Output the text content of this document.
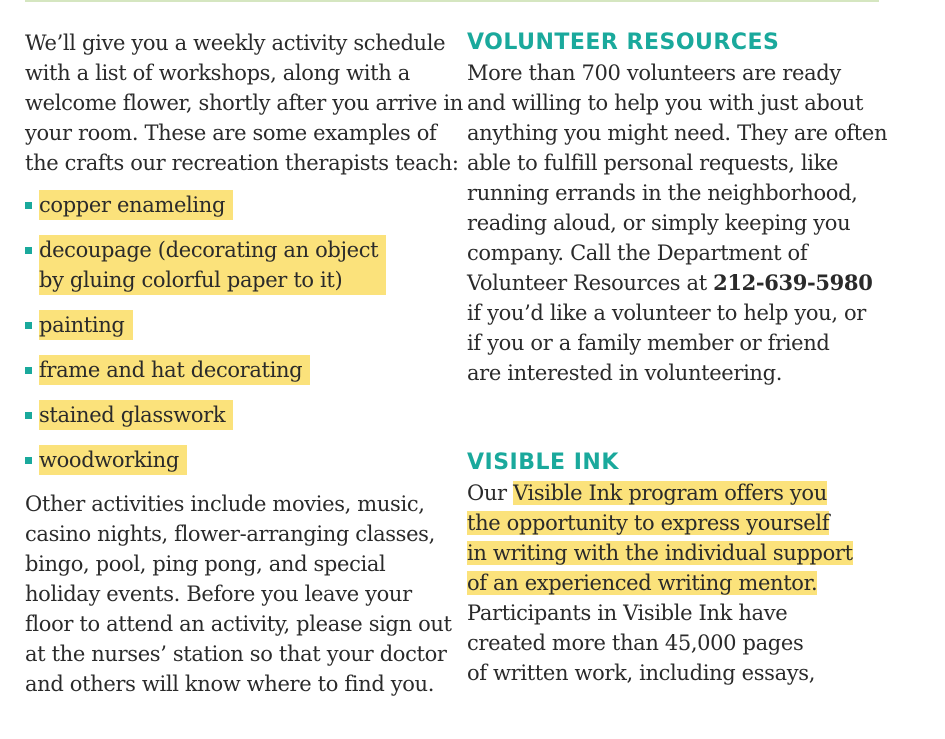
We’ll give you a weekly activity schedule
with a list of workshops, along with a
welcome flower, shortly after you arrive in
your room. These are some examples of
the crafts our recreation therapists teach:

copper enameling
decoupage (decorating an object
by gluing colorful paper to it)
painting
frame and hat decorating
stained glasswork
woodworking

Other activities include movies, music,
casino nights, flower-arranging classes,
bingo, pool, ping pong, and special
holiday events. Before you leave your
floor to attend an activity, please sign out
at the nurses’ station so that your doctor
and others will know where to find you.

VOLUNTEER RESOURCES

More than 700 volunteers are ready
and willing to help you with just about
anything you might need. They are often
able to fulfill personal requests, like
running errands in the neighborhood,
reading aloud, or simply keeping you
company. Call the Department of
Volunteer Resources at 212-639-5980
if you’d like a volunteer to help you, or
if you or a family member or friend
are interested in volunteering.

VISIBLE INK

Our Visible Ink program offers you
the opportunity to express yourself
in writing with the individual support
of an experienced writing mentor.
Participants in Visible Ink have
created more than 45,000 pages
of written work, including essays,
